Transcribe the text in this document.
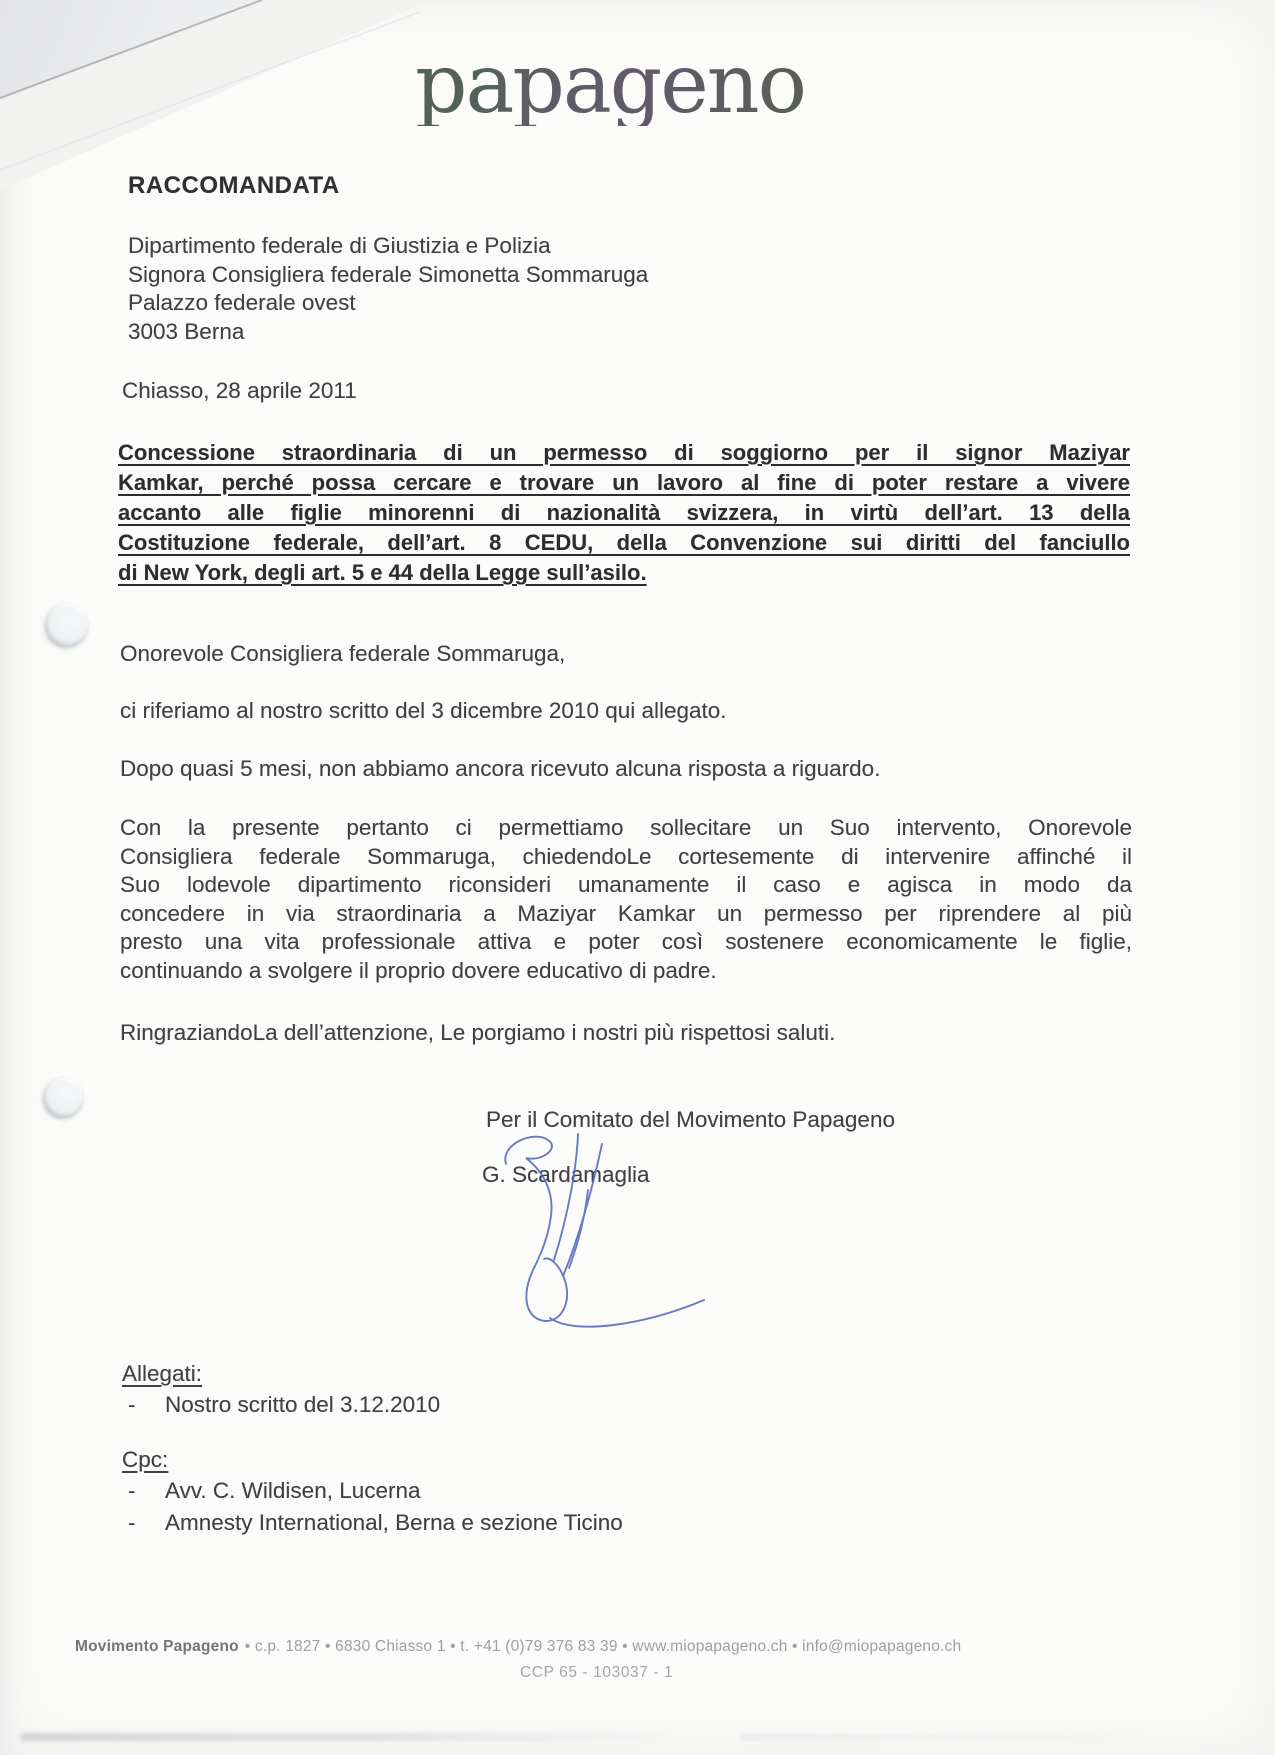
papageno
RACCOMANDATA
Dipartimento federale di Giustizia e Polizia
Signora Consigliera federale Simonetta Sommaruga
Palazzo federale ovest
3003 Berna
Chiasso, 28 aprile 2011
Concessione straordinaria di un permesso di soggiorno per il signor Maziyar
Kamkar, perché possa cercare e trovare un lavoro al fine di poter restare a vivere
accanto alle figlie minorenni di nazionalità svizzera, in virtù dell’art. 13 della
Costituzione federale, dell’art. 8 CEDU, della Convenzione sui diritti del fanciullo
di New York, degli art. 5 e 44 della Legge sull’asilo.
Onorevole Consigliera federale Sommaruga,
ci riferiamo al nostro scritto del 3 dicembre 2010 qui allegato.
Dopo quasi 5 mesi, non abbiamo ancora ricevuto alcuna risposta a riguardo.
Con la presente pertanto ci permettiamo sollecitare un Suo intervento, Onorevole
Consigliera federale Sommaruga, chiedendoLe cortesemente di intervenire affinché il
Suo lodevole dipartimento riconsideri umanamente il caso e agisca in modo da
concedere in via straordinaria a Maziyar Kamkar un permesso per riprendere al più
presto una vita professionale attiva e poter così sostenere economicamente le figlie,
continuando a svolgere il proprio dovere educativo di padre.
RingraziandoLa dell’attenzione, Le porgiamo i nostri più rispettosi saluti.
Per il Comitato del Movimento Papageno
G. Scardamaglia
Allegati:
-	Nostro scritto del 3.12.2010
Cpc:
-	Avv. C. Wildisen, Lucerna
-	Amnesty International, Berna e sezione Ticino
Movimento Papageno • c.p. 1827 • 6830 Chiasso 1 • t. +41 (0)79 376 83 39 • www.miopapageno.ch • info@miopapageno.ch
CCP 65 - 103037 - 1
